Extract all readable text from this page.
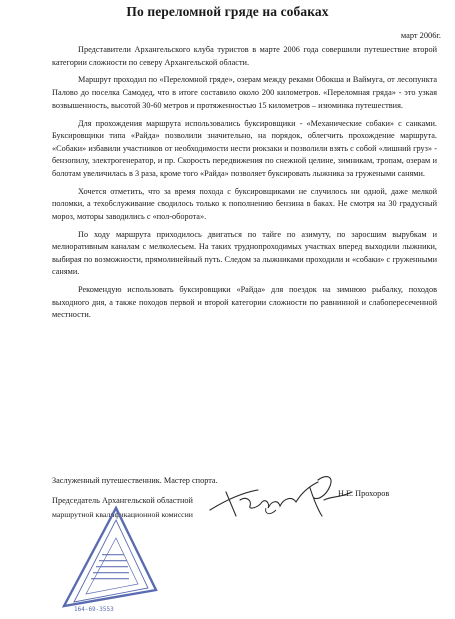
По переломной гряде на собаках
март 2006г.

Представители Архангельского клуба туристов в марте 2006 года совершили путешествие второй категории сложности по северу Архангельской области.

Маршрут проходил по «Переломной гряде», озерам между реками Обокша и Ваймуга, от лесопункта Палово до поселка Самодед, что в итоге составило около 200 километров. «Переломная гряда» - это узкая возвышенность, высотой 30-60 метров и протяженностью 15 километров – изюминка путешествия.

Для прохождения маршрута использовались буксировщики - «Механические собаки» с санками. Буксировщики типа «Райда» позволили значительно, на порядок, облегчить прохождение маршрута. «Собаки» избавили участников от необходимости нести рюкзаки и позволили взять с собой «лишний груз» - бензопилу, электрогенератор, и пр. Скорость передвижения по снежной целине, зимникам, тропам, озерам и болотам увеличилась в 3 раза, кроме того «Райда» позволяет буксировать лыжника за гружеными санями.

Хочется отметить, что за время похода с буксировщиками не случилось ни одной, даже мелкой поломки, а техобслуживание сводилось только к пополнению бензина в баках. Не смотря на 30 градусный мороз, моторы заводились с «пол-оборота».

По ходу маршрута приходилось двигаться по тайге по азимуту, по заросшим вырубкам и мелиоративным каналам с мелколесьем. На таких труднопроходимых участках вперед выходили лыжники, выбирая по возможности, прямолинейный путь. Следом за лыжниками проходили и «собаки» с груженными санями.

Рекомендую использовать буксировщики «Райда» для поездок на зимнюю рыбалку, походов выходного дня, а также походов первой и второй категории сложности по равнинной и слабопересеченной местности.

Заслуженный путешественник. Мастер спорта.
Председатель Архангельской областной
маршрутной квалификационной комиссии
Н.Е. Прохоров
164-69-3553
